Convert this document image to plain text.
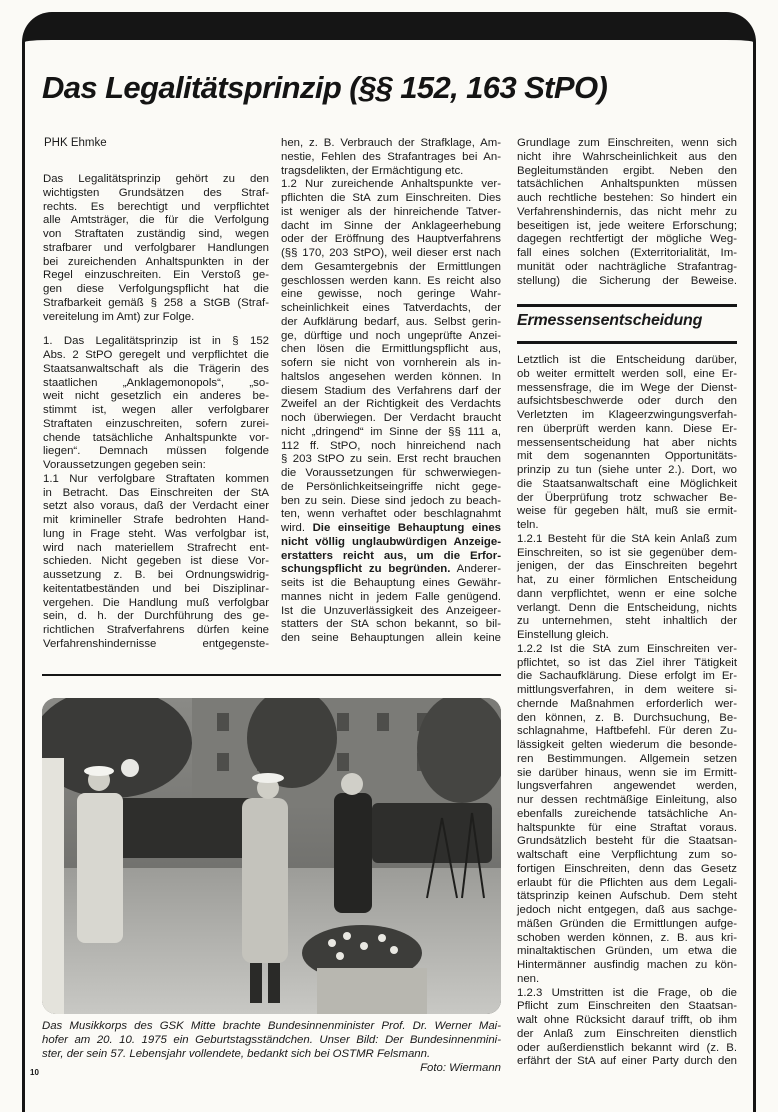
Das Legalitätsprinzip (§§ 152, 163 StPO)
PHK Ehmke
Das Legalitätsprinzip gehört zu den
wichtigsten Grundsätzen des Straf-
rechts. Es berechtigt und verpflichtet
alle Amtsträger, die für die Verfolgung
von Straftaten zuständig sind, wegen
strafbarer und verfolgbarer Handlungen
bei zureichenden Anhaltspunkten in der
Regel einzuschreiten. Ein Verstoß ge-
gen diese Verfolgungspflicht hat die
Strafbarkeit gemäß § 258 a StGB (Straf-
vereitelung im Amt) zur Folge.
1. Das Legalitätsprinzip ist in § 152
Abs. 2 StPO geregelt und verpflichtet die
Staatsanwaltschaft als die Trägerin des
staatlichen „Anklagemonopols“, „so-
weit nicht gesetzlich ein anderes be-
stimmt ist, wegen aller verfolgbarer
Straftaten einzuschreiten, sofern zurei-
chende tatsächliche Anhaltspunkte vor-
liegen“. Demnach müssen folgende
Voraussetzungen gegeben sein:
1.1 Nur verfolgbare Straftaten kommen
in Betracht. Das Einschreiten der StA
setzt also voraus, daß der Verdacht einer
mit krimineller Strafe bedrohten Hand-
lung in Frage steht. Was verfolgbar ist,
wird nach materiellem Strafrecht ent-
schieden. Nicht gegeben ist diese Vor-
aussetzung z. B. bei Ordnungswidrig-
keitentatbeständen und bei Disziplinar-
vergehen. Die Handlung muß verfolgbar
sein, d. h. der Durchführung des ge-
richtlichen Strafverfahrens dürfen keine
Verfahrenshindernisse entgegenste-
hen, z. B. Verbrauch der Strafklage, Am-
nestie, Fehlen des Strafantrages bei An-
tragsdelikten, der Ermächtigung etc.
1.2 Nur zureichende Anhaltspunkte ver-
pflichten die StA zum Einschreiten. Dies
ist weniger als der hinreichende Tatver-
dacht im Sinne der Anklageerhebung
oder der Eröffnung des Hauptverfahrens
(§§ 170, 203 StPO), weil dieser erst nach
dem Gesamtergebnis der Ermittlungen
geschlossen werden kann. Es reicht also
eine gewisse, noch geringe Wahr-
scheinlichkeit eines Tatverdachts, der
der Aufklärung bedarf, aus. Selbst gerin-
ge, dürftige und noch ungeprüfte Anzei-
chen lösen die Ermittlungspflicht aus,
sofern sie nicht von vornherein als in-
haltslos angesehen werden können. In
diesem Stadium des Verfahrens darf der
Zweifel an der Richtigkeit des Verdachts
noch überwiegen. Der Verdacht braucht
nicht „dringend“ im Sinne der §§ 111 a,
112 ff. StPO, noch hinreichend nach
§ 203 StPO zu sein. Erst recht brauchen
die Voraussetzungen für schwerwiegen-
de Persönlichkeitseingriffe nicht gege-
ben zu sein. Diese sind jedoch zu beach-
ten, wenn verhaftet oder beschlagnahmt
wird. Die einseitige Behauptung eines
nicht völlig unglaubwürdigen Anzeige-
erstatters reicht aus, um die Erfor-
schungspflicht zu begründen. Anderer-
seits ist die Behauptung eines Gewähr-
mannes nicht in jedem Falle genügend.
Ist die Unzuverlässigkeit des Anzeigeer-
statters der StA schon bekannt, so bil-
den seine Behauptungen allein keine
Grundlage zum Einschreiten, wenn sich
nicht ihre Wahrscheinlichkeit aus den
Begleitumständen ergibt. Neben den
tatsächlichen Anhaltspunkten müssen
auch rechtliche bestehen: So hindert ein
Verfahrenshindernis, das nicht mehr zu
beseitigen ist, jede weitere Erforschung;
dagegen rechtfertigt der mögliche Weg-
fall eines solchen (Exterritorialität, Im-
munität oder nachträgliche Strafantrag-
stellung) die Sicherung der Beweise.
Ermessensentscheidung
Letztlich ist die Entscheidung darüber,
ob weiter ermittelt werden soll, eine Er-
messensfrage, die im Wege der Dienst-
aufsichtsbeschwerde oder durch den
Verletzten im Klageerzwingungsverfah-
ren überprüft werden kann. Diese Er-
messensentscheidung hat aber nichts
mit dem sogenannten Opportunitäts-
prinzip zu tun (siehe unter 2.). Dort, wo
die Staatsanwaltschaft eine Möglichkeit
der Überprüfung trotz schwacher Be-
weise für gegeben hält, muß sie ermit-
teln.
1.2.1 Besteht für die StA kein Anlaß zum
Einschreiten, so ist sie gegenüber dem-
jenigen, der das Einschreiten begehrt
hat, zu einer förmlichen Entscheidung
dann verpflichtet, wenn er eine solche
verlangt. Denn die Entscheidung, nichts
zu unternehmen, steht inhaltlich der
Einstellung gleich.
1.2.2 Ist die StA zum Einschreiten ver-
pflichtet, so ist das Ziel ihrer Tätigkeit
die Sachaufklärung. Diese erfolgt im Er-
mittlungsverfahren, in dem weitere si-
chernde Maßnahmen erforderlich wer-
den können, z. B. Durchsuchung, Be-
schlagnahme, Haftbefehl. Für deren Zu-
lässigkeit gelten wiederum die besonde-
ren Bestimmungen. Allgemein setzen
sie darüber hinaus, wenn sie im Ermitt-
lungsverfahren angewendet werden,
nur dessen rechtmäßige Einleitung, also
ebenfalls zureichende tatsächliche An-
haltspunkte für eine Straftat voraus.
Grundsätzlich besteht für die Staatsan-
waltschaft eine Verpflichtung zum so-
fortigen Einschreiten, denn das Gesetz
erlaubt für die Pflichten aus dem Legali-
tätsprinzip keinen Aufschub. Dem steht
jedoch nicht entgegen, daß aus sachge-
mäßen Gründen die Ermittlungen aufge-
schoben werden können, z. B. aus kri-
minaltaktischen Gründen, um etwa die
Hintermänner ausfindig machen zu kön-
nen.
1.2.3 Umstritten ist die Frage, ob die
Pflicht zum Einschreiten den Staatsan-
walt ohne Rücksicht darauf trifft, ob ihm
der Anlaß zum Einschreiten dienstlich
oder außerdienstlich bekannt wird (z. B.
erfährt der StA auf einer Party durch den
Das Musikkorps des GSK Mitte brachte Bundesinnenminister Prof. Dr. Werner Mai-
hofer am 20. 10. 1975 ein Geburtstagsständchen. Unser Bild: Der Bundesinnenmini-
ster, der sein 57. Lebensjahr vollendete, bedankt sich bei OSTMR Felsmann.
Foto: Wiermann
10
